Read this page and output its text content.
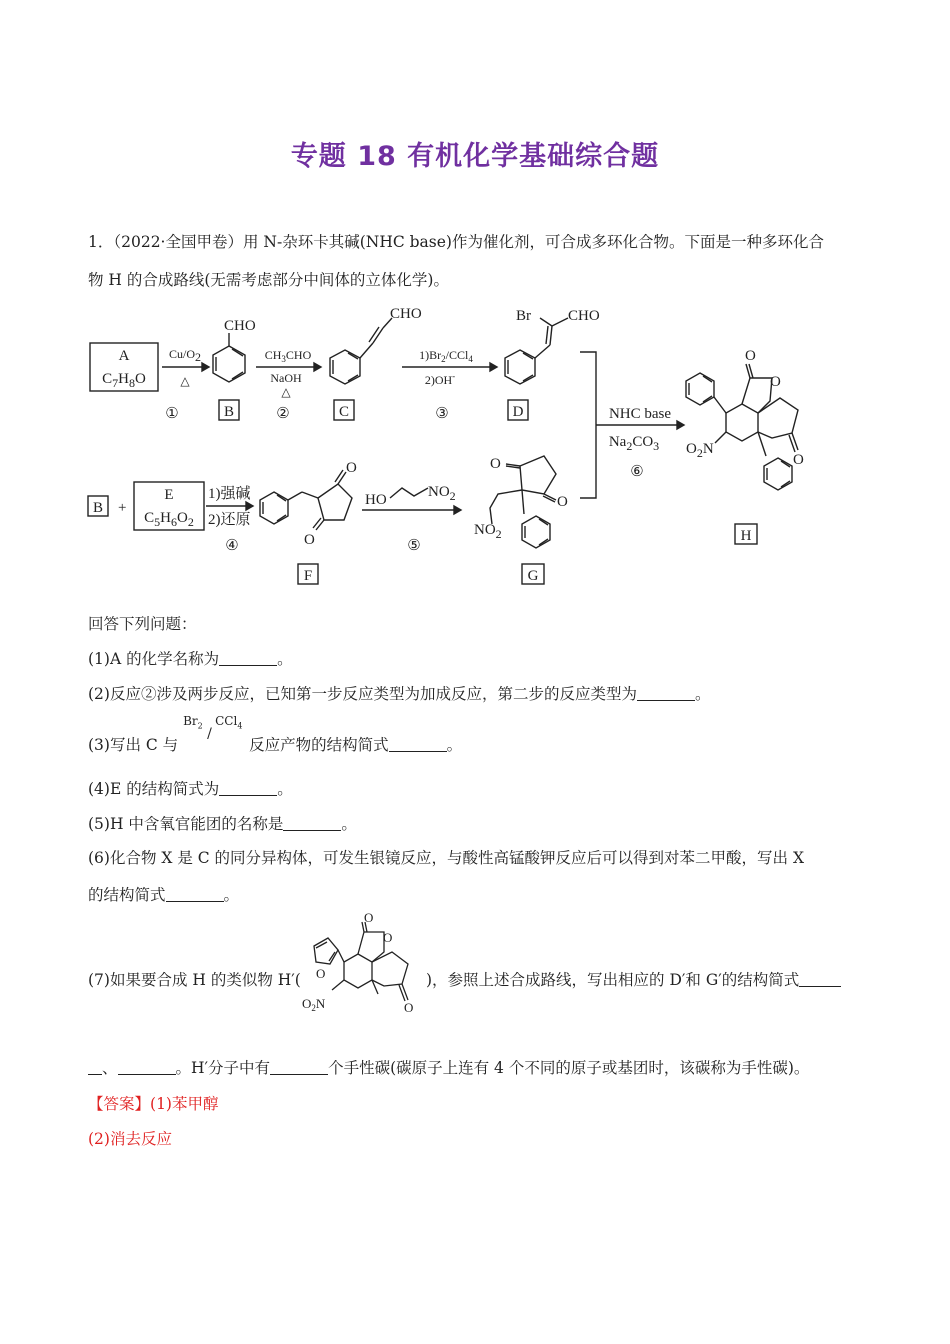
专题 18 有机化学基础综合题
1．（2022·全国甲卷）用 N-杂环卡其碱(NHC base)作为催化剂，可合成多环化合物。下面是一种多环化合
物 H 的合成路线(无需考虑部分中间体的立体化学)。
A
$C_7H_8O$
Cu/O2
△
①
CHO
B
$CH_3CHO$
NaOH
△
②
CHO
C
$1)Br_2/CCl_4$
2)OH-
③
Br CHO
D	NHC base
$Na_2CO_3$
⑥
O
O
O
$O_2N$
H
B +
E
$C_5H_6O_2$
1)强碱
2)还原
④
O
O
F
HO	$NO_2$
⑤
O
O
$NO_2$
G
回答下列问题：
(1)A 的化学名称为	。
(2)反应②涉及两步反应，已知第一步反应类型为加成反应，第二步的反应类型为	。
(3)写出 C 与
$Br_2$
/
CCl$_4$
反应产物的结构简式	。
(4)E 的结构简式为	。
(5)H 中含氧官能团的名称是	。
(6)化合物 X 是 C 的同分异构体，可发生银镜反应，与酸性高锰酸钾反应后可以得到对苯二甲酸，写出 X
的结构简式	。
(7)如果要合成 H 的类似物 H′( O
O
O
O
$O_2N$
)，参照上述合成路线，写出相应的 D′和 G′的结构简式
、	。H′分子中有	个手性碳(碳原子上连有 4 个不同的原子或基团时，该碳称为手性碳)。
【答案】(1)苯甲醇
(2)消去反应
